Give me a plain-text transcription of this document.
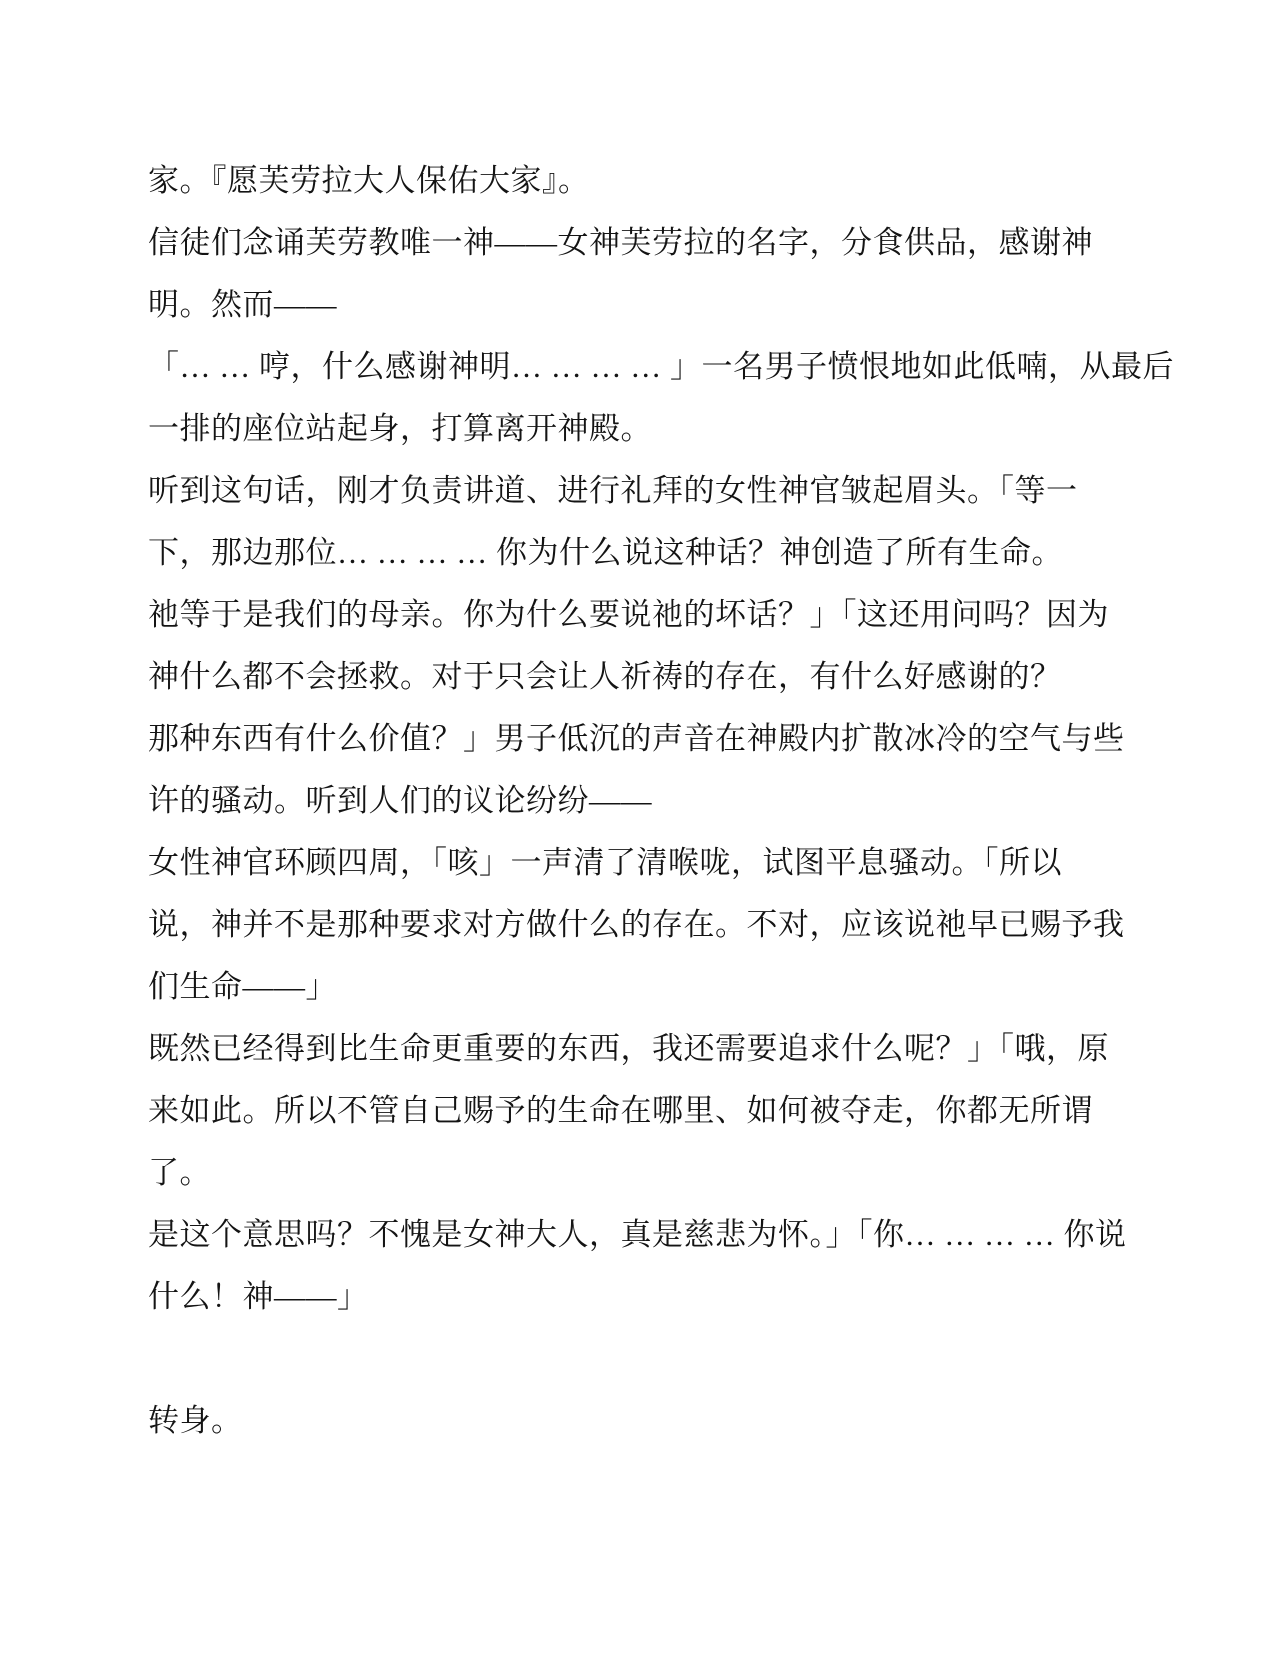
家。『愿芙劳拉大人保佑大家』。
信徒们念诵芙劳教唯一神——女神芙劳拉的名字，分食供品，感谢神
明。然而——
「… … 哼，什么感谢神明… … … … 」一名男子愤恨地如此低喃，从最后
一排的座位站起身，打算离开神殿。
听到这句话，刚才负责讲道、进行礼拜的女性神官皱起眉头。「等一
下，那边那位… … … … 你为什么说这种话？神创造了所有生命。
祂等于是我们的母亲。你为什么要说祂的坏话？」「这还用问吗？因为
神什么都不会拯救。对于只会让人祈祷的存在，有什么好感谢的？
那种东西有什么价值？」男子低沉的声音在神殿内扩散冰冷的空气与些
许的骚动。听到人们的议论纷纷——
女性神官环顾四周，「咳」一声清了清喉咙，试图平息骚动。「所以
说，神并不是那种要求对方做什么的存在。不对，应该说祂早已赐予我
们生命——」
既然已经得到比生命更重要的东西，我还需要追求什么呢？」「哦，原
来如此。所以不管自己赐予的生命在哪里、如何被夺走，你都无所谓
了。
是这个意思吗？不愧是女神大人，真是慈悲为怀。」「你… … … … 你说
什么！神——」
转身。
